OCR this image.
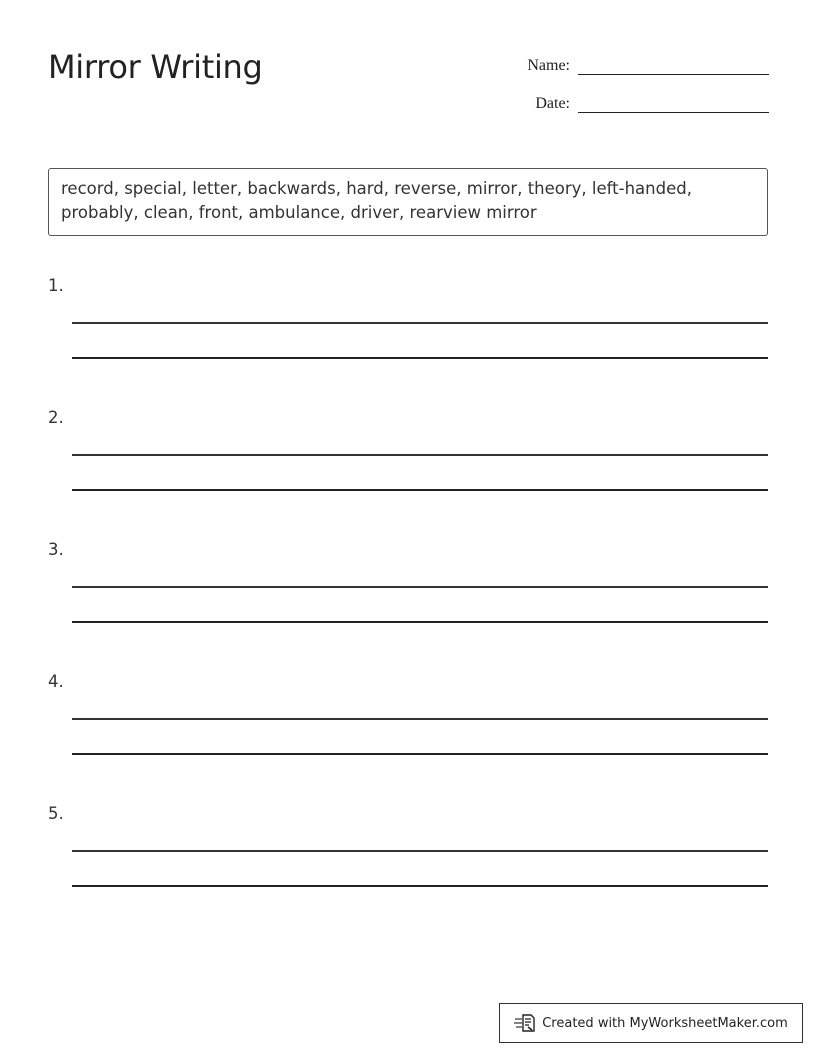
Mirror Writing	Name:
Date:
record, special, letter, backwards, hard, reverse, mirror, theory, left-handed, probably, clean, front, ambulance, driver, rearview mirror
1.
2.
3.
4.
5.
Created with MyWorksheetMaker.com
